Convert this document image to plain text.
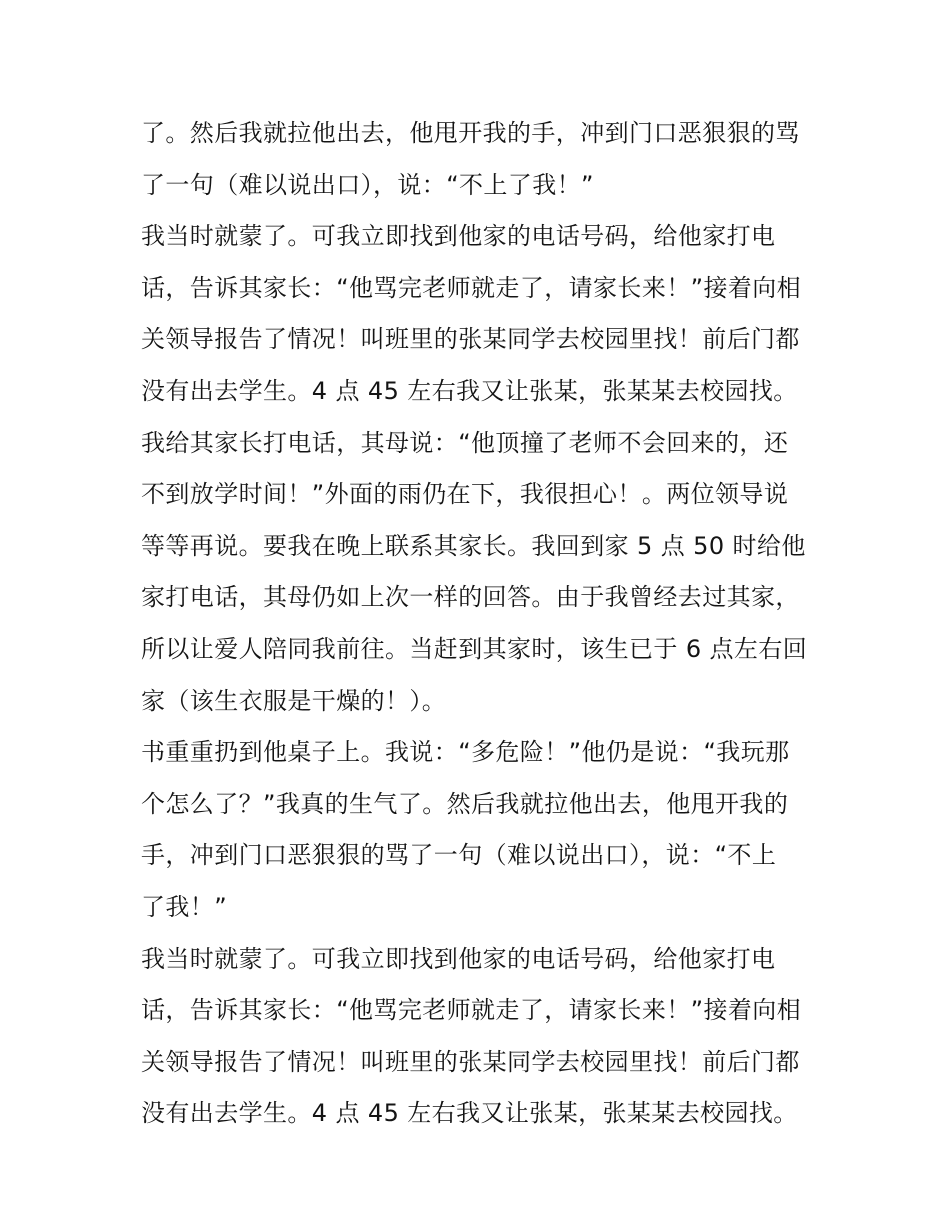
了。然后我就拉他出去，他甩开我的手，冲到门口恶狠狠的骂
了一句（难以说出口），说：“不上了我！”
我当时就蒙了。可我立即找到他家的电话号码，给他家打电
话，告诉其家长：“他骂完老师就走了，请家长来！”接着向相
关领导报告了情况！叫班里的张某同学去校园里找！前后门都
没有出去学生。4 点 45 左右我又让张某，张某某去校园找。
我给其家长打电话，其母说：“他顶撞了老师不会回来的，还
不到放学时间！”外面的雨仍在下，我很担心！。两位领导说
等等再说。要我在晚上联系其家长。我回到家 5 点 50 时给他
家打电话，其母仍如上次一样的回答。由于我曾经去过其家，
所以让爱人陪同我前往。当赶到其家时，该生已于 6 点左右回
家（该生衣服是干燥的！）。
书重重扔到他桌子上。我说：“多危险！”他仍是说：“我玩那
个怎么了？”我真的生气了。然后我就拉他出去，他甩开我的
手，冲到门口恶狠狠的骂了一句（难以说出口），说：“不上
了我！”
我当时就蒙了。可我立即找到他家的电话号码，给他家打电
话，告诉其家长：“他骂完老师就走了，请家长来！”接着向相
关领导报告了情况！叫班里的张某同学去校园里找！前后门都
没有出去学生。4 点 45 左右我又让张某，张某某去校园找。
